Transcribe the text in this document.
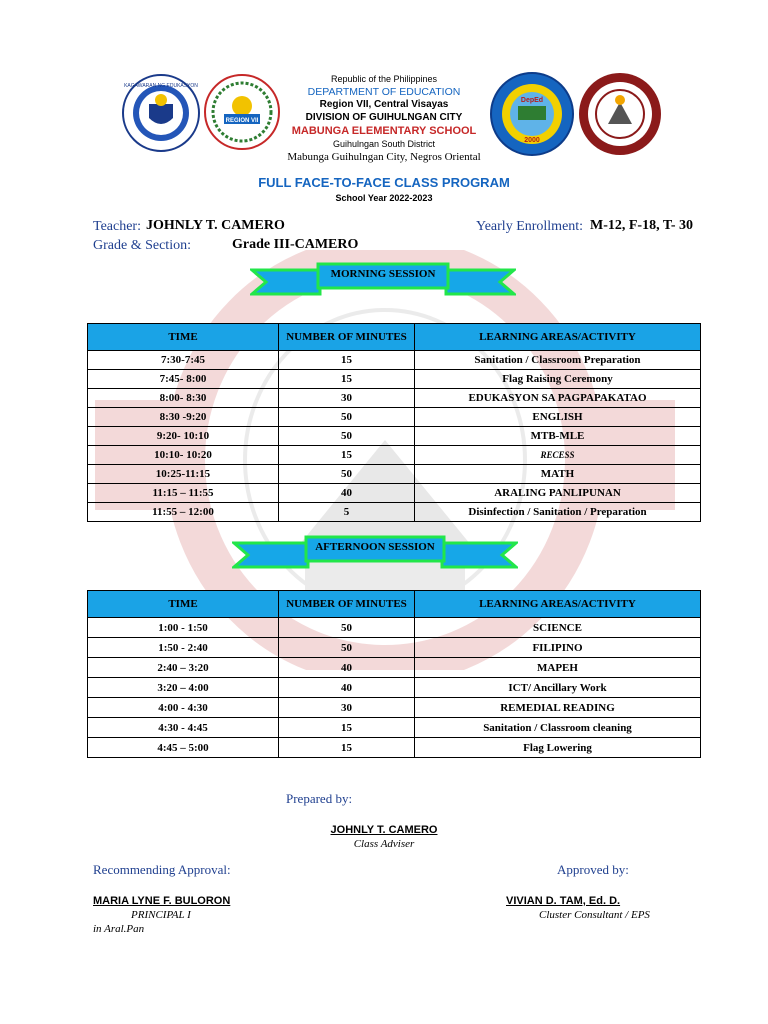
KAGAWARAN NG EDUKASYON
REGION VII
DepEd
2000
Republic of the Philippines
DEPARTMENT OF EDUCATION
Region VII, Central Visayas
DIVISION OF GUIHULNGAN CITY
MABUNGA ELEMENTARY SCHOOL
Guihulngan South District
Mabunga Guihulngan City, Negros Oriental
FULL FACE-TO-FACE CLASS PROGRAM
School Year 2022-2023
Teacher: JOHNLY T. CAMERO	Yearly Enrollment: M-12, F-18, T- 30
Grade & Section:	Grade III-CAMERO
MORNING SESSION
TIME	NUMBER OF MINUTES	LEARNING AREAS/ACTIVITY
7:30-7:45	15	Sanitation / Classroom Preparation
7:45- 8:00	15	Flag Raising Ceremony
8:00- 8:30	30	EDUKASYON SA PAGPAPAKATAO
8:30 -9:20	50	ENGLISH
9:20- 10:10	50	MTB-MLE
10:10- 10:20	15	RECESS
10:25-11:15	50	MATH
11:15 – 11:55	40	ARALING PANLIPUNAN
11:55 – 12:00	5	Disinfection / Sanitation / Preparation
AFTERNOON SESSION
TIME	NUMBER OF MINUTES	LEARNING AREAS/ACTIVITY
1:00 - 1:50	50	SCIENCE
1:50 - 2:40	50	FILIPINO
2:40 – 3:20	40	MAPEH
3:20 – 4:00	40	ICT/ Ancillary Work
4:00 - 4:30	30	REMEDIAL READING
4:30 - 4:45	15	Sanitation / Classroom cleaning
4:45 – 5:00	15	Flag Lowering
Prepared by:
JOHNLY T. CAMERO
Class Adviser
Recommending Approval:
MARIA LYNE F. BULORON
PRINCIPAL I
in Aral.Pan
Approved by:
VIVIAN D. TAM, Ed. D.
Cluster Consultant / EPS
